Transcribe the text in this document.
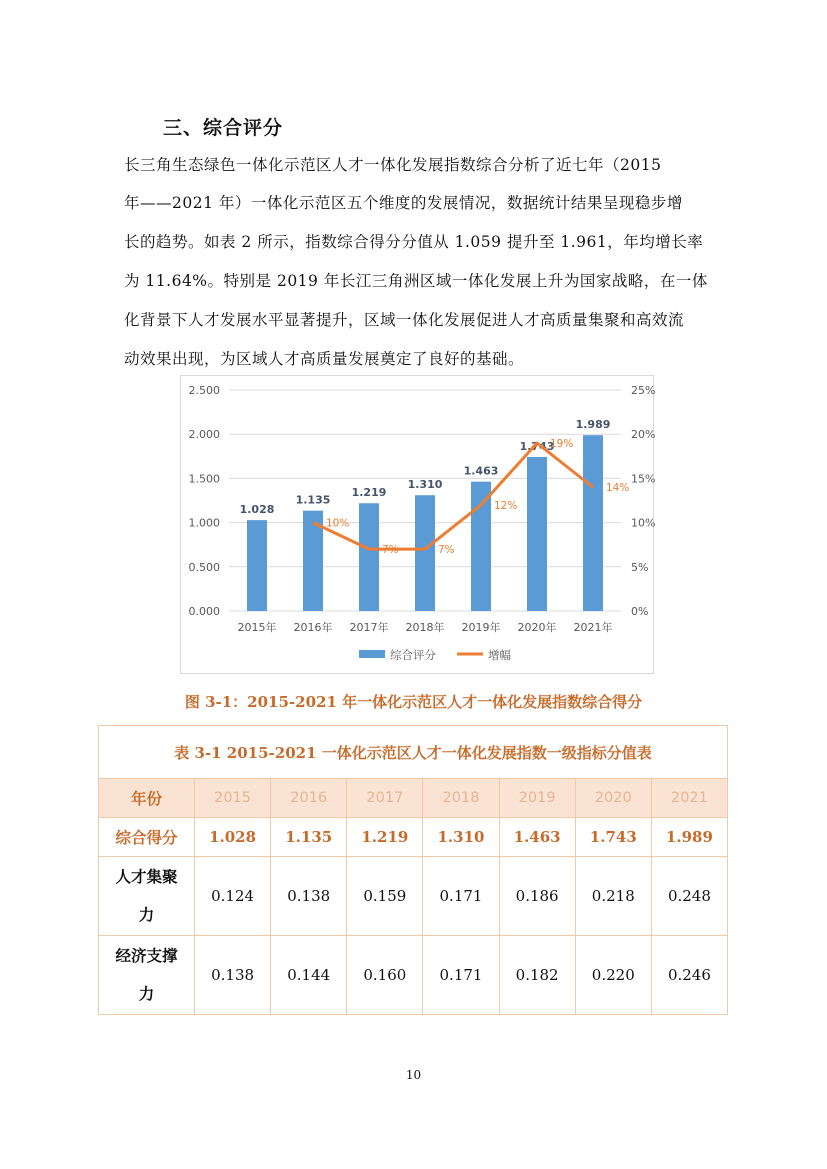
三、综合评分
长三角生态绿色一体化示范区人才一体化发展指数综合分析了近七年（2015
年——2021 年）一体化示范区五个维度的发展情况，数据统计结果呈现稳步增
长的趋势。如表 2 所示，指数综合得分分值从 1.059 提升至 1.961，年均增长率
为 11.64%。特别是 2019 年长江三角洲区域一体化发展上升为国家战略，在一体
化背景下人才发展水平显著提升，区域一体化发展促进人才高质量集聚和高效流
动效果出现，为区域人才高质量发展奠定了良好的基础。
0.000
0.500
1.000
1.500
2.000
2.500
0%
5%
10%
15%
20%
25%
1.028
2015年
1.135
2016年
1.219
2017年
1.310
2018年
1.463
2019年
1.743
2020年
1.989
2021年
10%
7%	7%
12%
19%
14%
综合评分	增幅
图 3-1：2015-2021 年一体化示范区人才一体化发展指数综合得分
表 3-1 2015-2021 一体化示范区人才一体化发展指数一级指标分值表							
年份	2015	2016	2017	2018	2019	2020	2021
综合得分	1.028	1.135	1.219	1.310	1.463	1.743	1.989
人才集聚
力	0.124	0.138	0.159	0.171	0.186	0.218	0.248
经济支撑
力	0.138	0.144	0.160	0.171	0.182	0.220	0.246
10
